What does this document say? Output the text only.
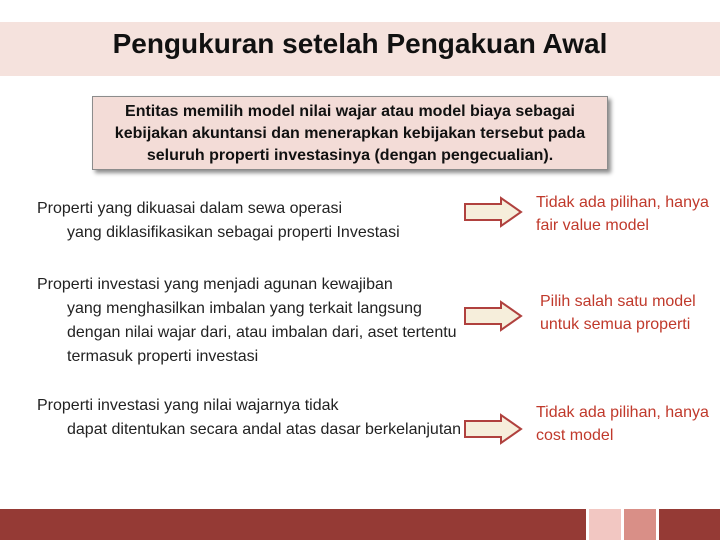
Pengukuran setelah Pengakuan Awal
Entitas memilih model nilai wajar atau model biaya sebagai kebijakan akuntansi dan menerapkan kebijakan tersebut pada seluruh properti investasinya (dengan pengecualian).
Properti yang dikuasai dalam sewa operasi
yang diklasifikasikan sebagai properti Investasi
Tidak ada pilihan, hanya fair value model
Properti investasi yang menjadi agunan kewajiban
yang menghasilkan imbalan yang terkait langsung dengan nilai wajar dari, atau imbalan dari, aset tertentu termasuk properti investasi
Pilih salah satu model untuk semua properti
Properti investasi yang nilai wajarnya tidak
dapat ditentukan secara andal atas dasar berkelanjutan
Tidak ada pilihan, hanya cost model
